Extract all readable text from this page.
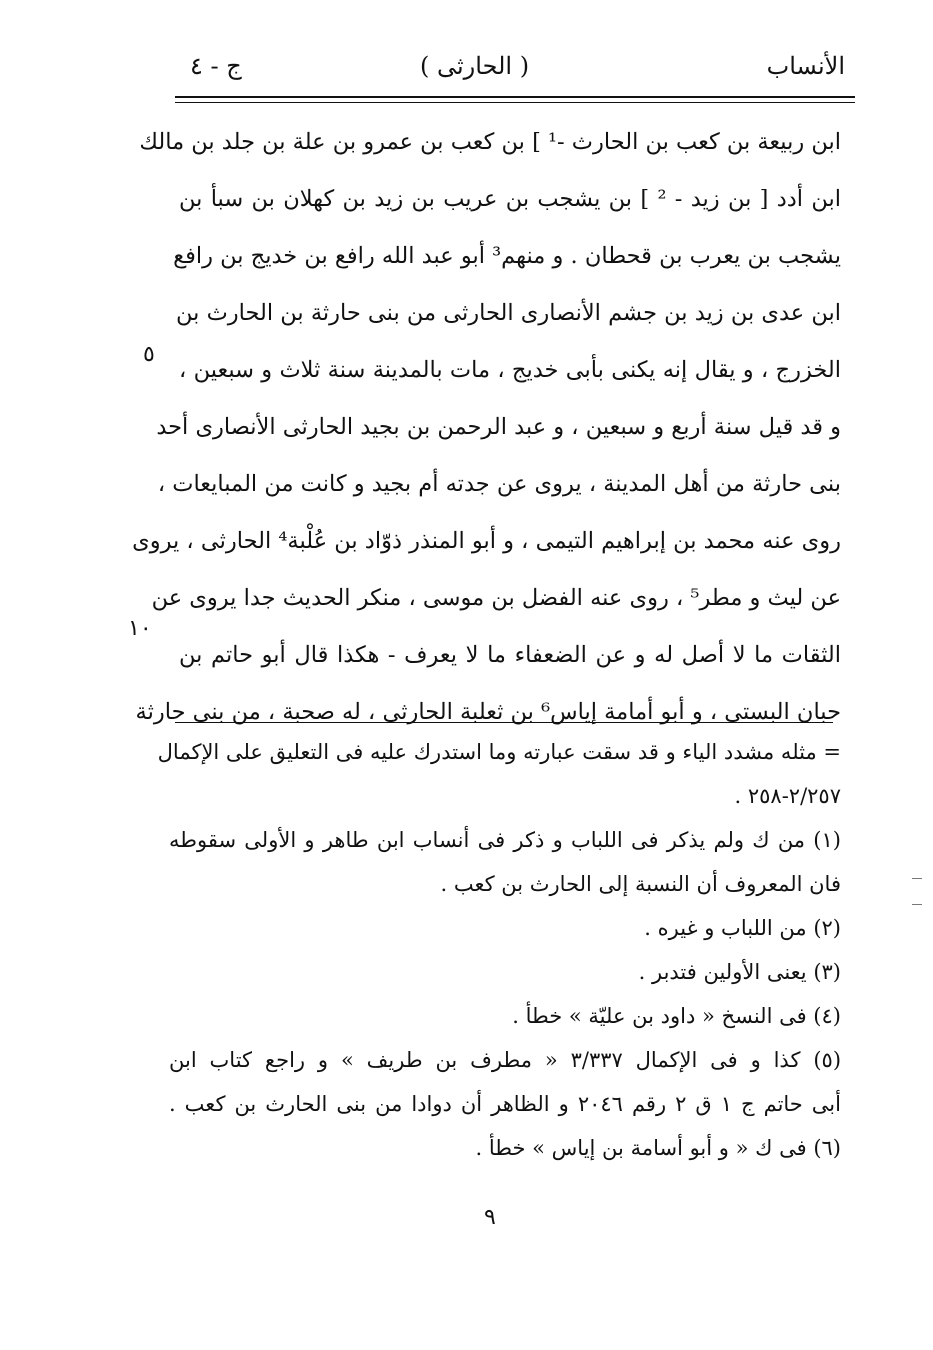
الأنساب
( الحارثى )
ج - ٤
ابن ربيعة بن كعب بن الحارث -¹ ] بن كعب بن عمرو بن علة بن جلد بن مالك
ابن أدد [ بن زيد - ² ] بن يشجب بن عريب بن زيد بن كهلان بن سبأ بن
يشجب بن يعرب بن قحطان . و منهم³ أبو عبد الله رافع بن خديج بن رافع
ابن عدى بن زيد بن جشم الأنصارى الحارثى من بنى حارثة بن الحارث بن
الخزرج ، و يقال إنه يكنى بأبى خديج ، مات بالمدينة سنة ثلاث و سبعين ،
و قد قيل سنة أربع و سبعين ، و عبد الرحمن بن بجيد الحارثى الأنصارى أحد
بنى حارثة من أهل المدينة ، يروى عن جدته أم بجيد و كانت من المبايعات ،
روى عنه محمد بن إبراهيم التيمى ، و أبو المنذر ذوّاد بن عُلْبة⁴ الحارثى ، يروى
عن ليث و مطر⁵ ، روى عنه الفضل بن موسى ، منكر الحديث جدا يروى عن
الثقات ما لا أصل له و عن الضعفاء ما لا يعرف - هكذا قال أبو حاتم بن
حبان البستى ، و أبو أمامة إياس⁶ بن ثعلبة الحارثى ، له صحبة ، من بنى حارثة
٥
١٠
= مثله مشدد الياء و قد سقت عبارته وما استدرك عليه فى التعليق على الإكمال
٢/٢٥٧-٢٥٨ .
(١) من ك ولم يذكر فى اللباب و ذكر فى أنساب ابن طاهر و الأولى سقوطه
فان المعروف أن النسبة إلى الحارث بن كعب .
(٢) من اللباب و غيره .
(٣) يعنى الأولين فتدبر .
(٤) فى النسخ « داود بن عليّة » خطأ .
(٥) كذا و فى الإكمال ٣/٣٣٧ « مطرف بن طريف » و راجع كتاب ابن
أبى حاتم ج ١ ق ٢ رقم ٢٠٤٦ و الظاهر أن دوادا من بنى الحارث بن كعب .
(٦) فى ك « و أبو أسامة بن إياس » خطأ .
٩
